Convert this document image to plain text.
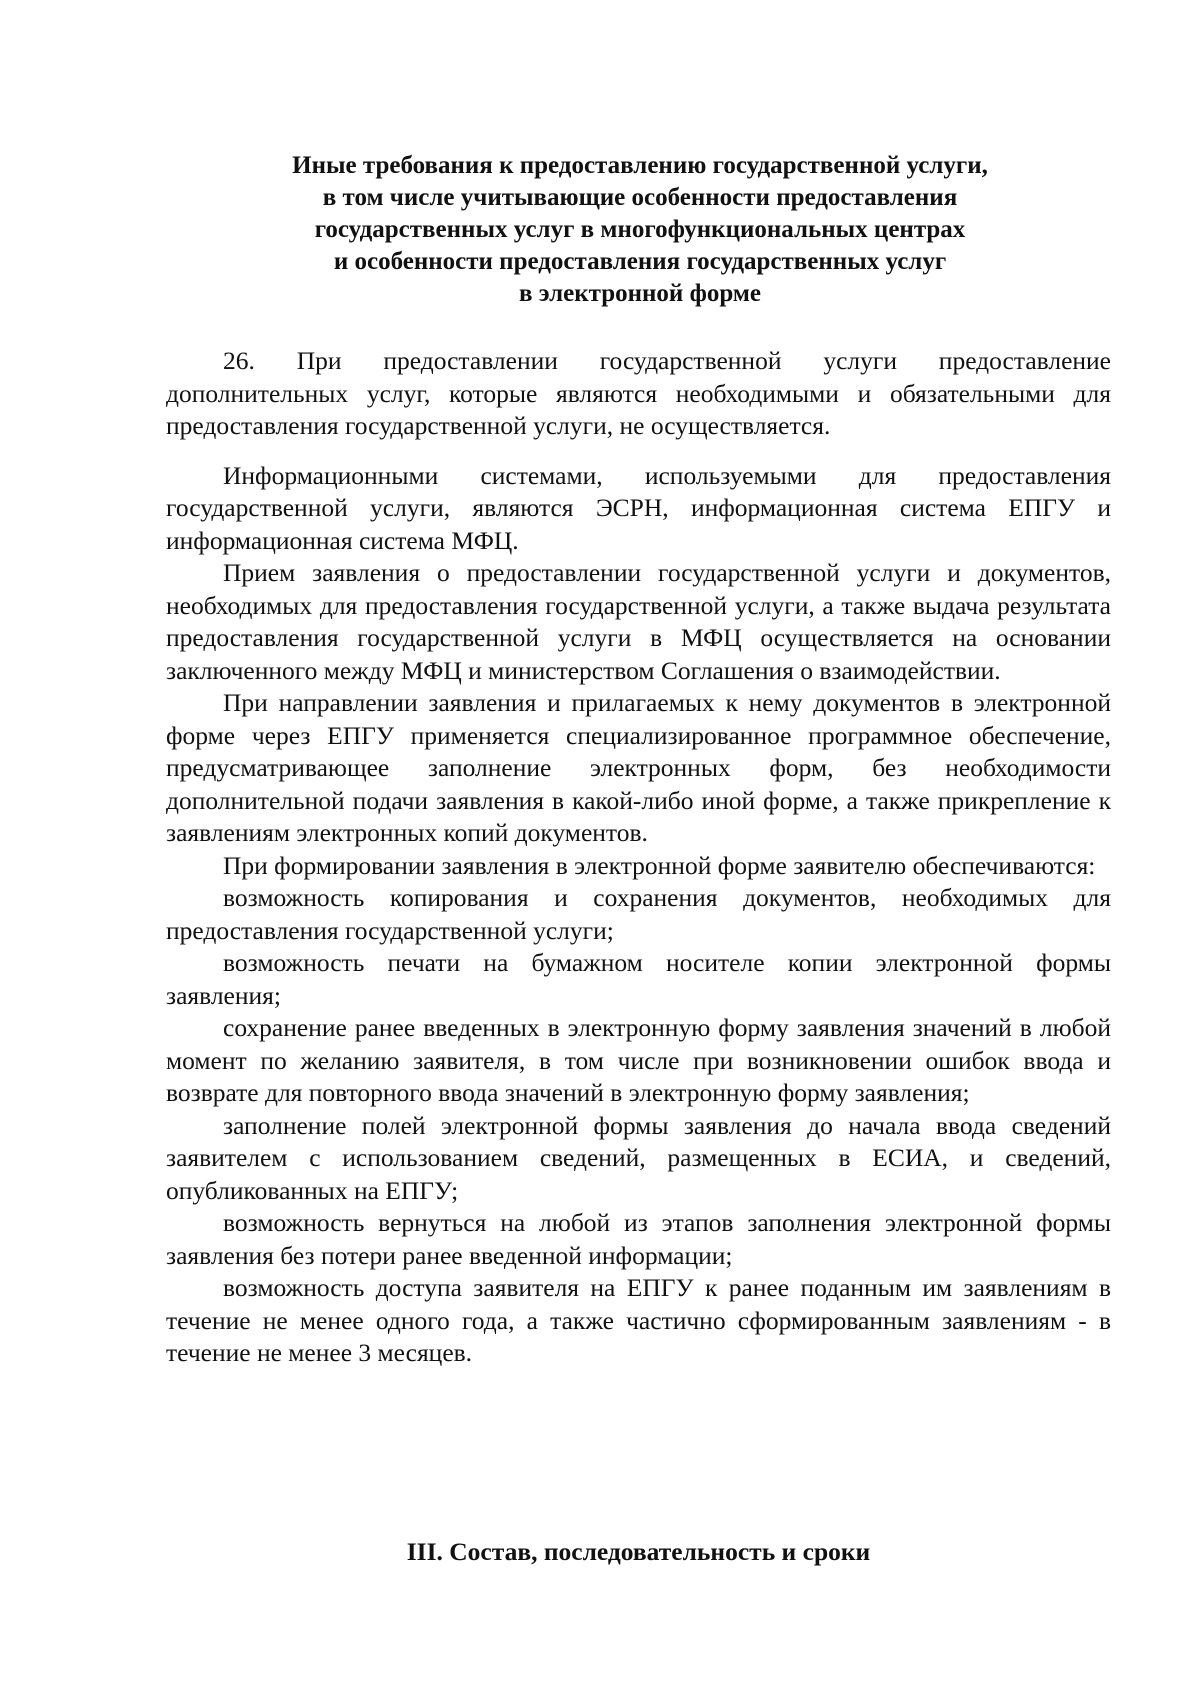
Иные требования к предоставлению государственной услуги,
в том числе учитывающие особенности предоставления
государственных услуг в многофункциональных центрах
и особенности предоставления государственных услуг
в электронной форме

26. При предоставлении государственной услуги предоставление дополнительных услуг, которые являются необходимыми и обязательными для предоставления государственной услуги, не осуществляется.

Информационными системами, используемыми для предоставления государственной услуги, являются ЭСРН, информационная система ЕПГУ и информационная система МФЦ.

Прием заявления о предоставлении государственной услуги и документов, необходимых для предоставления государственной услуги, а также выдача результата предоставления государственной услуги в МФЦ осуществляется на основании заключенного между МФЦ и министерством Соглашения о взаимодействии.

При направлении заявления и прилагаемых к нему документов в электронной форме через ЕПГУ применяется специализированное программное обеспечение, предусматривающее заполнение электронных форм, без необходимости дополнительной подачи заявления в какой-либо иной форме, а также прикрепление к заявлениям электронных копий документов.

При формировании заявления в электронной форме заявителю обеспечиваются:

возможность копирования и сохранения документов, необходимых для предоставления государственной услуги;

возможность печати на бумажном носителе копии электронной формы заявления;

сохранение ранее введенных в электронную форму заявления значений в любой момент по желанию заявителя, в том числе при возникновении ошибок ввода и возврате для повторного ввода значений в электронную форму заявления;

заполнение полей электронной формы заявления до начала ввода сведений заявителем с использованием сведений, размещенных в ЕСИА, и сведений, опубликованных на ЕПГУ;

возможность вернуться на любой из этапов заполнения электронной формы заявления без потери ранее введенной информации;

возможность доступа заявителя на ЕПГУ к ранее поданным им заявлениям в течение не менее одного года, а также частично сформированным заявлениям - в течение не менее 3 месяцев.

III. Состав, последовательность и сроки
